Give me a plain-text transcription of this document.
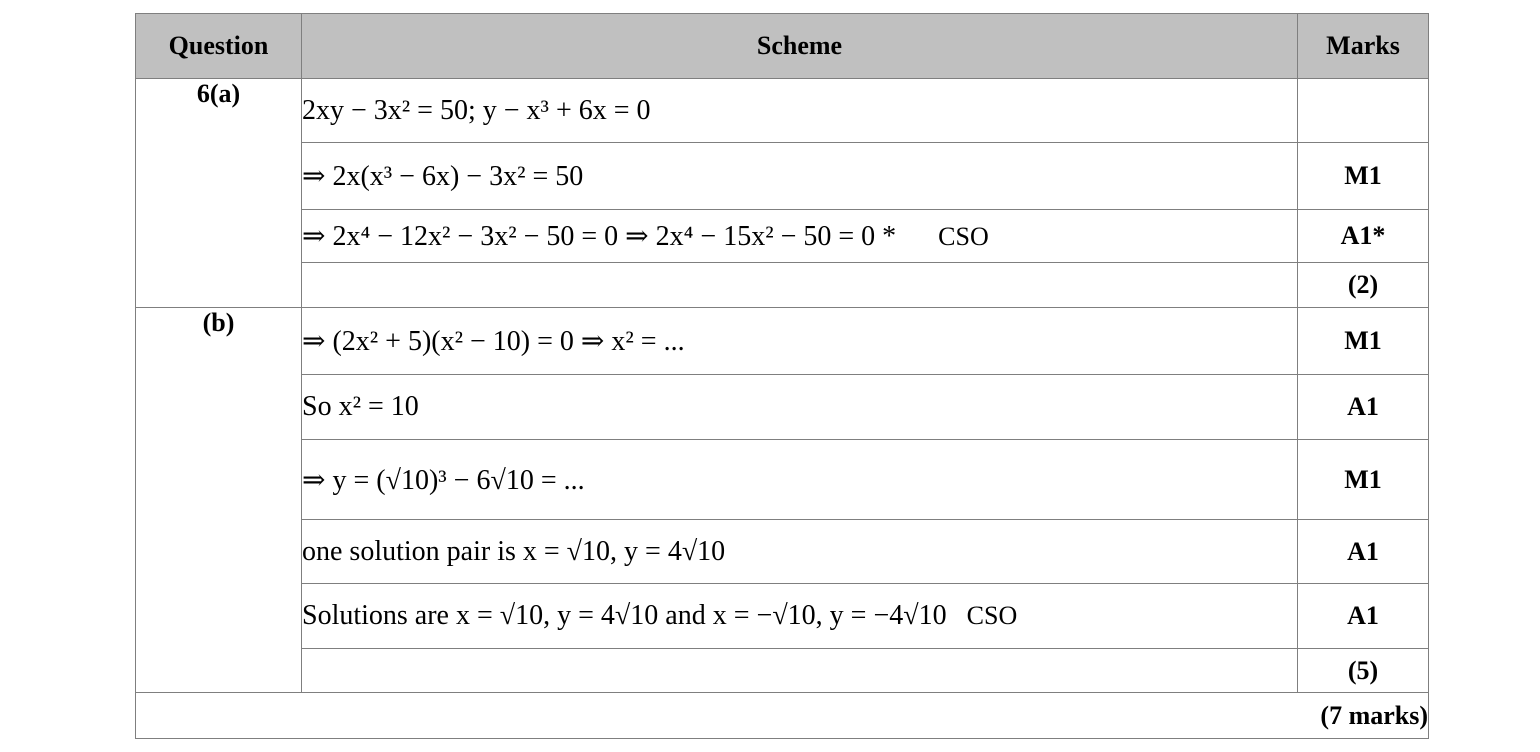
Question	Scheme	Marks
6(a)	2xy − 3x² = 50; y − x³ + 6x = 0	
	⇒ 2x(x³ − 6x) − 3x² = 50	M1
	⇒ 2x⁴ − 12x² − 3x² − 50 = 0 ⇒ 2x⁴ − 15x² − 50 = 0 * CSO	A1*
		(2)
(b)	⇒ (2x² + 5)(x² − 10) = 0 ⇒ x² = ...	M1
	So x² = 10	A1
	⇒ y = (√10)³ − 6√10 = ...	M1
	one solution pair is x = √10, y = 4√10	A1
	Solutions are x = √10, y = 4√10 and x = −√10, y = −4√10 CSO	A1
		(5)
(7 marks)		
